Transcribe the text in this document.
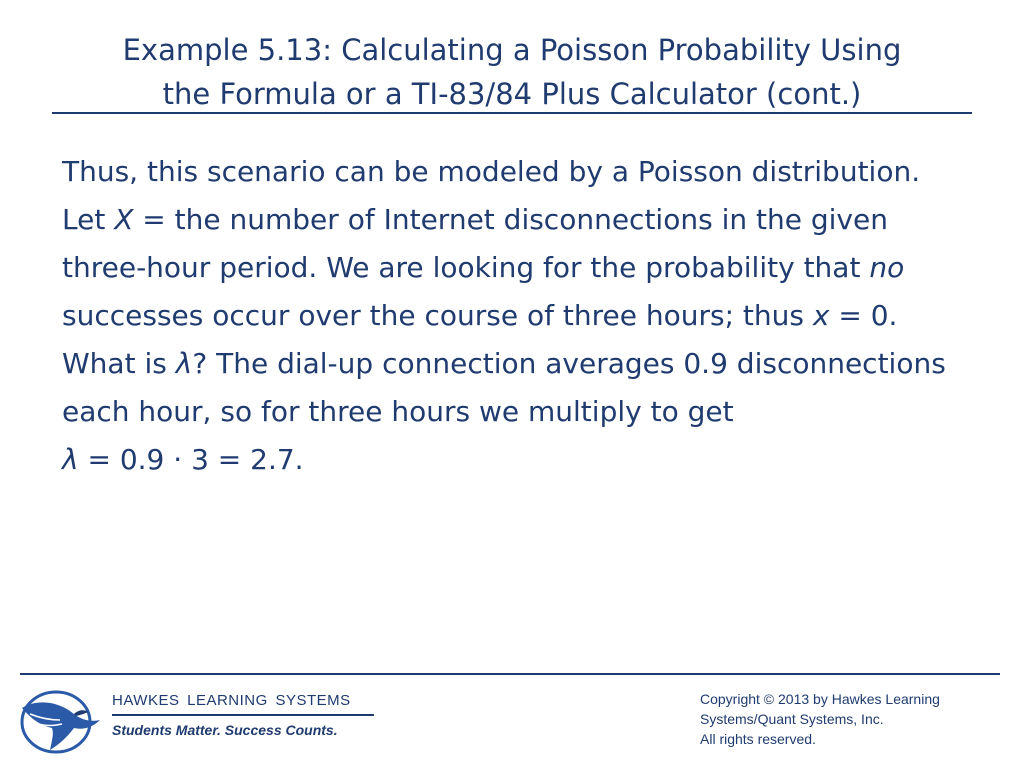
Example 5.13: Calculating a Poisson Probability Using
the Formula or a TI-83/84 Plus Calculator (cont.)

Thus, this scenario can be modeled by a Poisson distribution. Let X = the number of Internet disconnections in the given three-hour period. We are looking for the probability that no successes occur over the course of three hours; thus x = 0. What is λ? The dial-up connection averages 0.9 disconnections each hour, so for three hours we multiply to get
λ = 0.9 · 3 = 2.7.

HAWKES LEARNING SYSTEMS
Students Matter. Success Counts.
Copyright © 2013 by Hawkes Learning
Systems/Quant Systems, Inc.
All rights reserved.
